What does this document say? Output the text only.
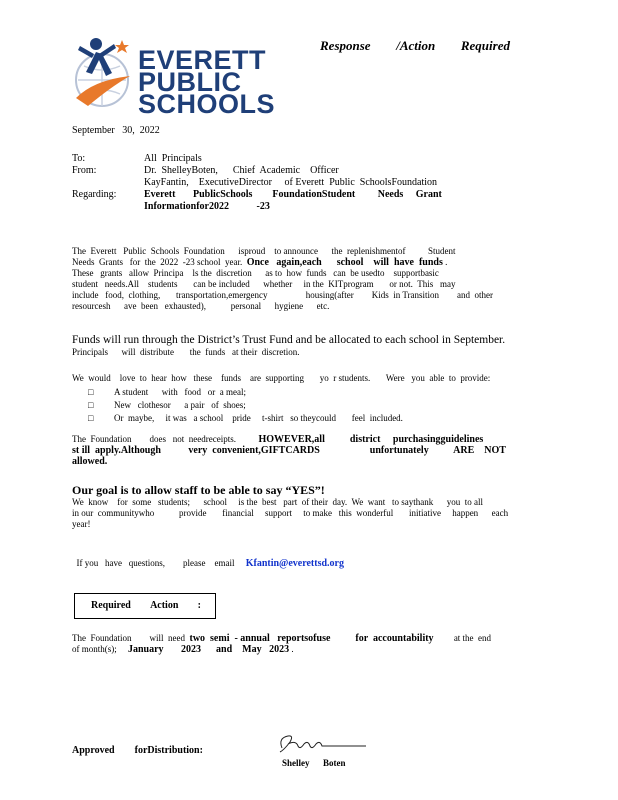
EVERETT
PUBLIC
SCHOOLS
Response /Action Required
September   30,  2022
To:	All  Principals
From:	Dr.  ShelleyBoten,      Chief  Academic    Officer
KayFantin,    ExecutiveDirector     of Everett  Public  SchoolsFoundation
Regarding:	Everett       PublicSchools        FoundationStudent         Needs     Grant
Informationfor2022           -23
The  Everett   Public  Schools  Foundation      isproud    to announce      the  replenishmentof          Student
Needs  Grants   for  the  2022  -23 school  year. Once   again,each      school    will  have  funds .
These   grants   allow  Principa    ls the  discretion      as to  how  funds   can  be usedto    supportbasic
student   needs.All    students       can be included      whether     in the  KITprogram       or not.  This   may
include   food,  clothing,       transportation,emergency                 housing(after        Kids  in Transition        and  other
resourcesh      ave  been   exhausted),           personal      hygiene      etc.
Funds will run through the District’s Trust Fund and be allocated to each school in September.
Principals      will  distribute       the  funds   at their  discretion.
We  would    love  to  hear  how   these    funds    are  supporting       yo  r students.       Were   you  able  to  provide:
□	A student      with   food   or  a meal;
□	New   clothesor      a pair   of  shoes;
□	Or  maybe,     it was   a school    pride     t-shirt   so theycould       feel  included.
The  Foundation        does   not  needreceipts. HOWEVER,all          district     purchasingguidelines
st ill  apply.Although           very  convenient,GIFTCARDS                    unfortunately          ARE    NOT
allowed.
Our goal is to allow staff to be able to say “YES”!
We  know    for  some   students;      school     is the  best   part  of their  day.  We  want   to saythank      you  to all
in our  communitywho           provide       financial     support     to make   this  wonderful       initiative     happen      each
year!

If you   have   questions,        please    email Kfantin@everettsd.org

Required Action :
The  Foundation        will  need two  semi  - annual   reportsofuse          for  accountability at the  end
of month(s); January       2023      and    May   2023 .
Approved forDistribution:
Shelley      Boten
